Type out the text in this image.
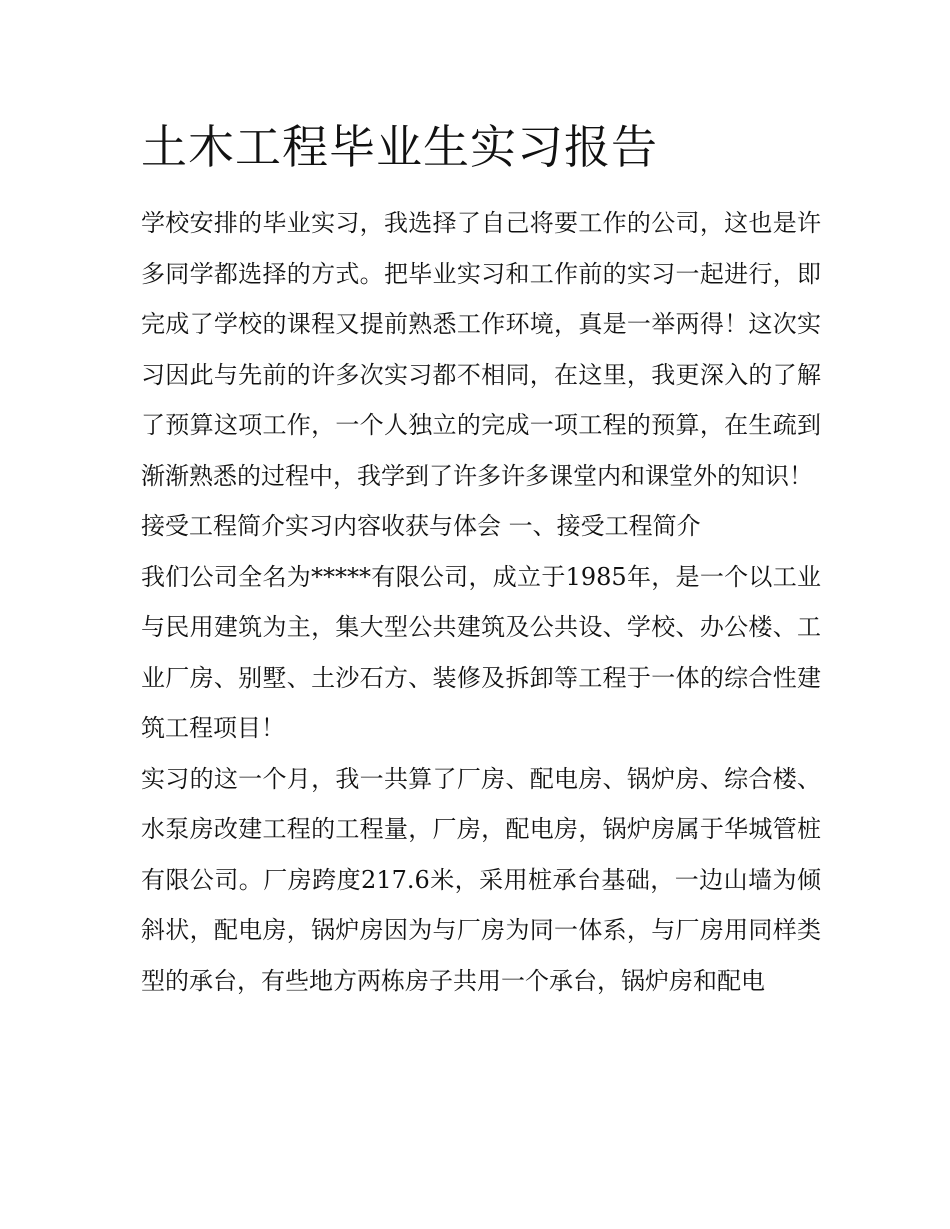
土木工程毕业生实习报告

学校安排的毕业实习，我选择了自己将要工作的公司，这也是许多同学都选择的方式。把毕业实习和工作前的实习一起进行，即完成了学校的课程又提前熟悉工作环境，真是一举两得！这次实习因此与先前的许多次实习都不相同，在这里，我更深入的了解了预算这项工作，一个人独立的完成一项工程的预算，在生疏到渐渐熟悉的过程中，我学到了许多许多课堂内和课堂外的知识！

接受工程简介实习内容收获与体会 一、接受工程简介

我们公司全名为*****有限公司，成立于1985年，是一个以工业与民用建筑为主，集大型公共建筑及公共设、学校、办公楼、工业厂房、别墅、土沙石方、装修及拆卸等工程于一体的综合性建筑工程项目！

实习的这一个月，我一共算了厂房、配电房、锅炉房、综合楼、水泵房改建工程的工程量，厂房，配电房，锅炉房属于华城管桩有限公司。厂房跨度217.6米，采用桩承台基础，一边山墙为倾斜状，配电房，锅炉房因为与厂房为同一体系，与厂房用同样类型的承台，有些地方两栋房子共用一个承台，锅炉房和配电
